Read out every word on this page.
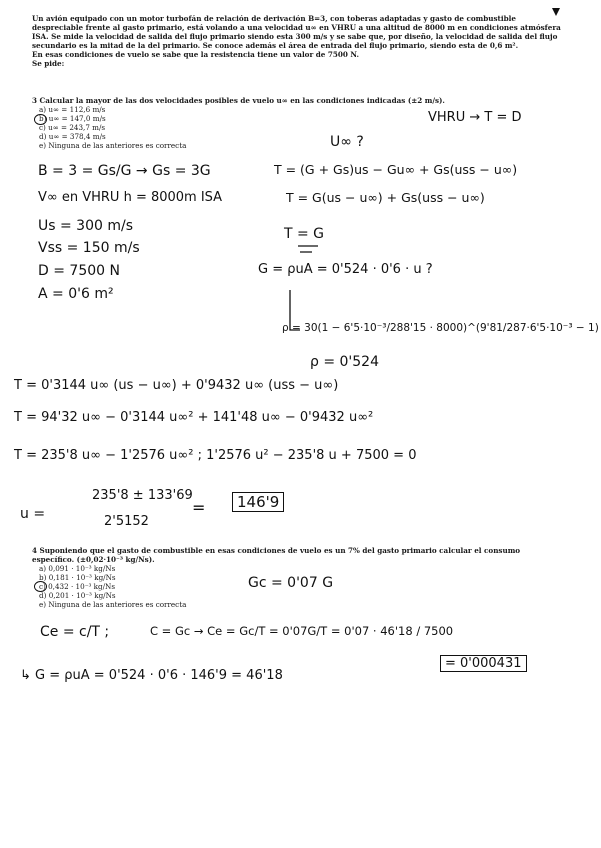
Un avión equipado con un motor turbofán de relación de derivación B=3, con toberas adaptadas y gasto de combustible despreciable frente al gasto primario, está volando a una velocidad u∞ en VHRU a una altitud de 8000 m en condiciones atmósfera ISA. Se mide la velocidad de salida del flujo primario siendo esta 300 m/s y se sabe que, por diseño, la velocidad de salida del flujo secundario es la mitad de la del primario. Se conoce además el área de entrada del flujo primario, siendo esta de 0,6 m².

En esas condiciones de vuelo se sabe que la resistencia tiene un valor de 7500 N.

Se pide:

3 Calcular la mayor de las dos velocidades posibles de vuelo u∞ en las condiciones indicadas (±2 m/s).
a) u∞ = 112,6 m/s
b) u∞ = 147,0 m/s
c) u∞ = 243,7 m/s
d) u∞ = 378,4 m/s
e) Ninguna de las anteriores es correcta
4 Suponiendo que el gasto de combustible en esas condiciones de vuelo es un 7% del gasto primario calcular el consumo específico. (±0,02·10⁻³ kg/Ns).
a) 0,091 · 10⁻³ kg/Ns
b) 0,181 · 10⁻³ kg/Ns
c) 0,432 · 10⁻³ kg/Ns
d) 0,201 · 10⁻³ kg/Ns
e) Ninguna de las anteriores es correcta
VHRU → T = D
U∞ ?
T = (G + Gs)us − Gu∞ + Gs(uss − u∞)
T = G(us − u∞) + Gs(uss − u∞)
B = 3 = Gs/G → Gs = 3G
V∞ en VHRU h = 8000m ISA
Us = 300 m/s
Vss = 150 m/s
D = 7500 N
A = 0'6 m²
T = G
G = ρuA = 0'524 · 0'6 · u ?
ρ = 30(1 − 6'5·10⁻³/288'15 · 8000)^(9'81/287·6'5·10⁻³ − 1)
ρ = 0'524
T = 0'3144 u∞ (us − u∞) + 0'9432 u∞ (uss − u∞)
T = 94'32 u∞ − 0'3144 u∞² + 141'48 u∞ − 0'9432 u∞²
T = 235'8 u∞ − 1'2576 u∞² ; 1'2576 u² − 235'8 u + 7500 = 0
u =
235'8 ± 133'69
2'5152
=	146'9
Gc = 0'07 G
Ce = c/T ;	C = Gc → Ce = Gc/T = 0'07G/T = 0'07 · 46'18 / 7500
= 0'000431
↳ G = ρuA = 0'524 · 0'6 · 146'9 = 46'18
